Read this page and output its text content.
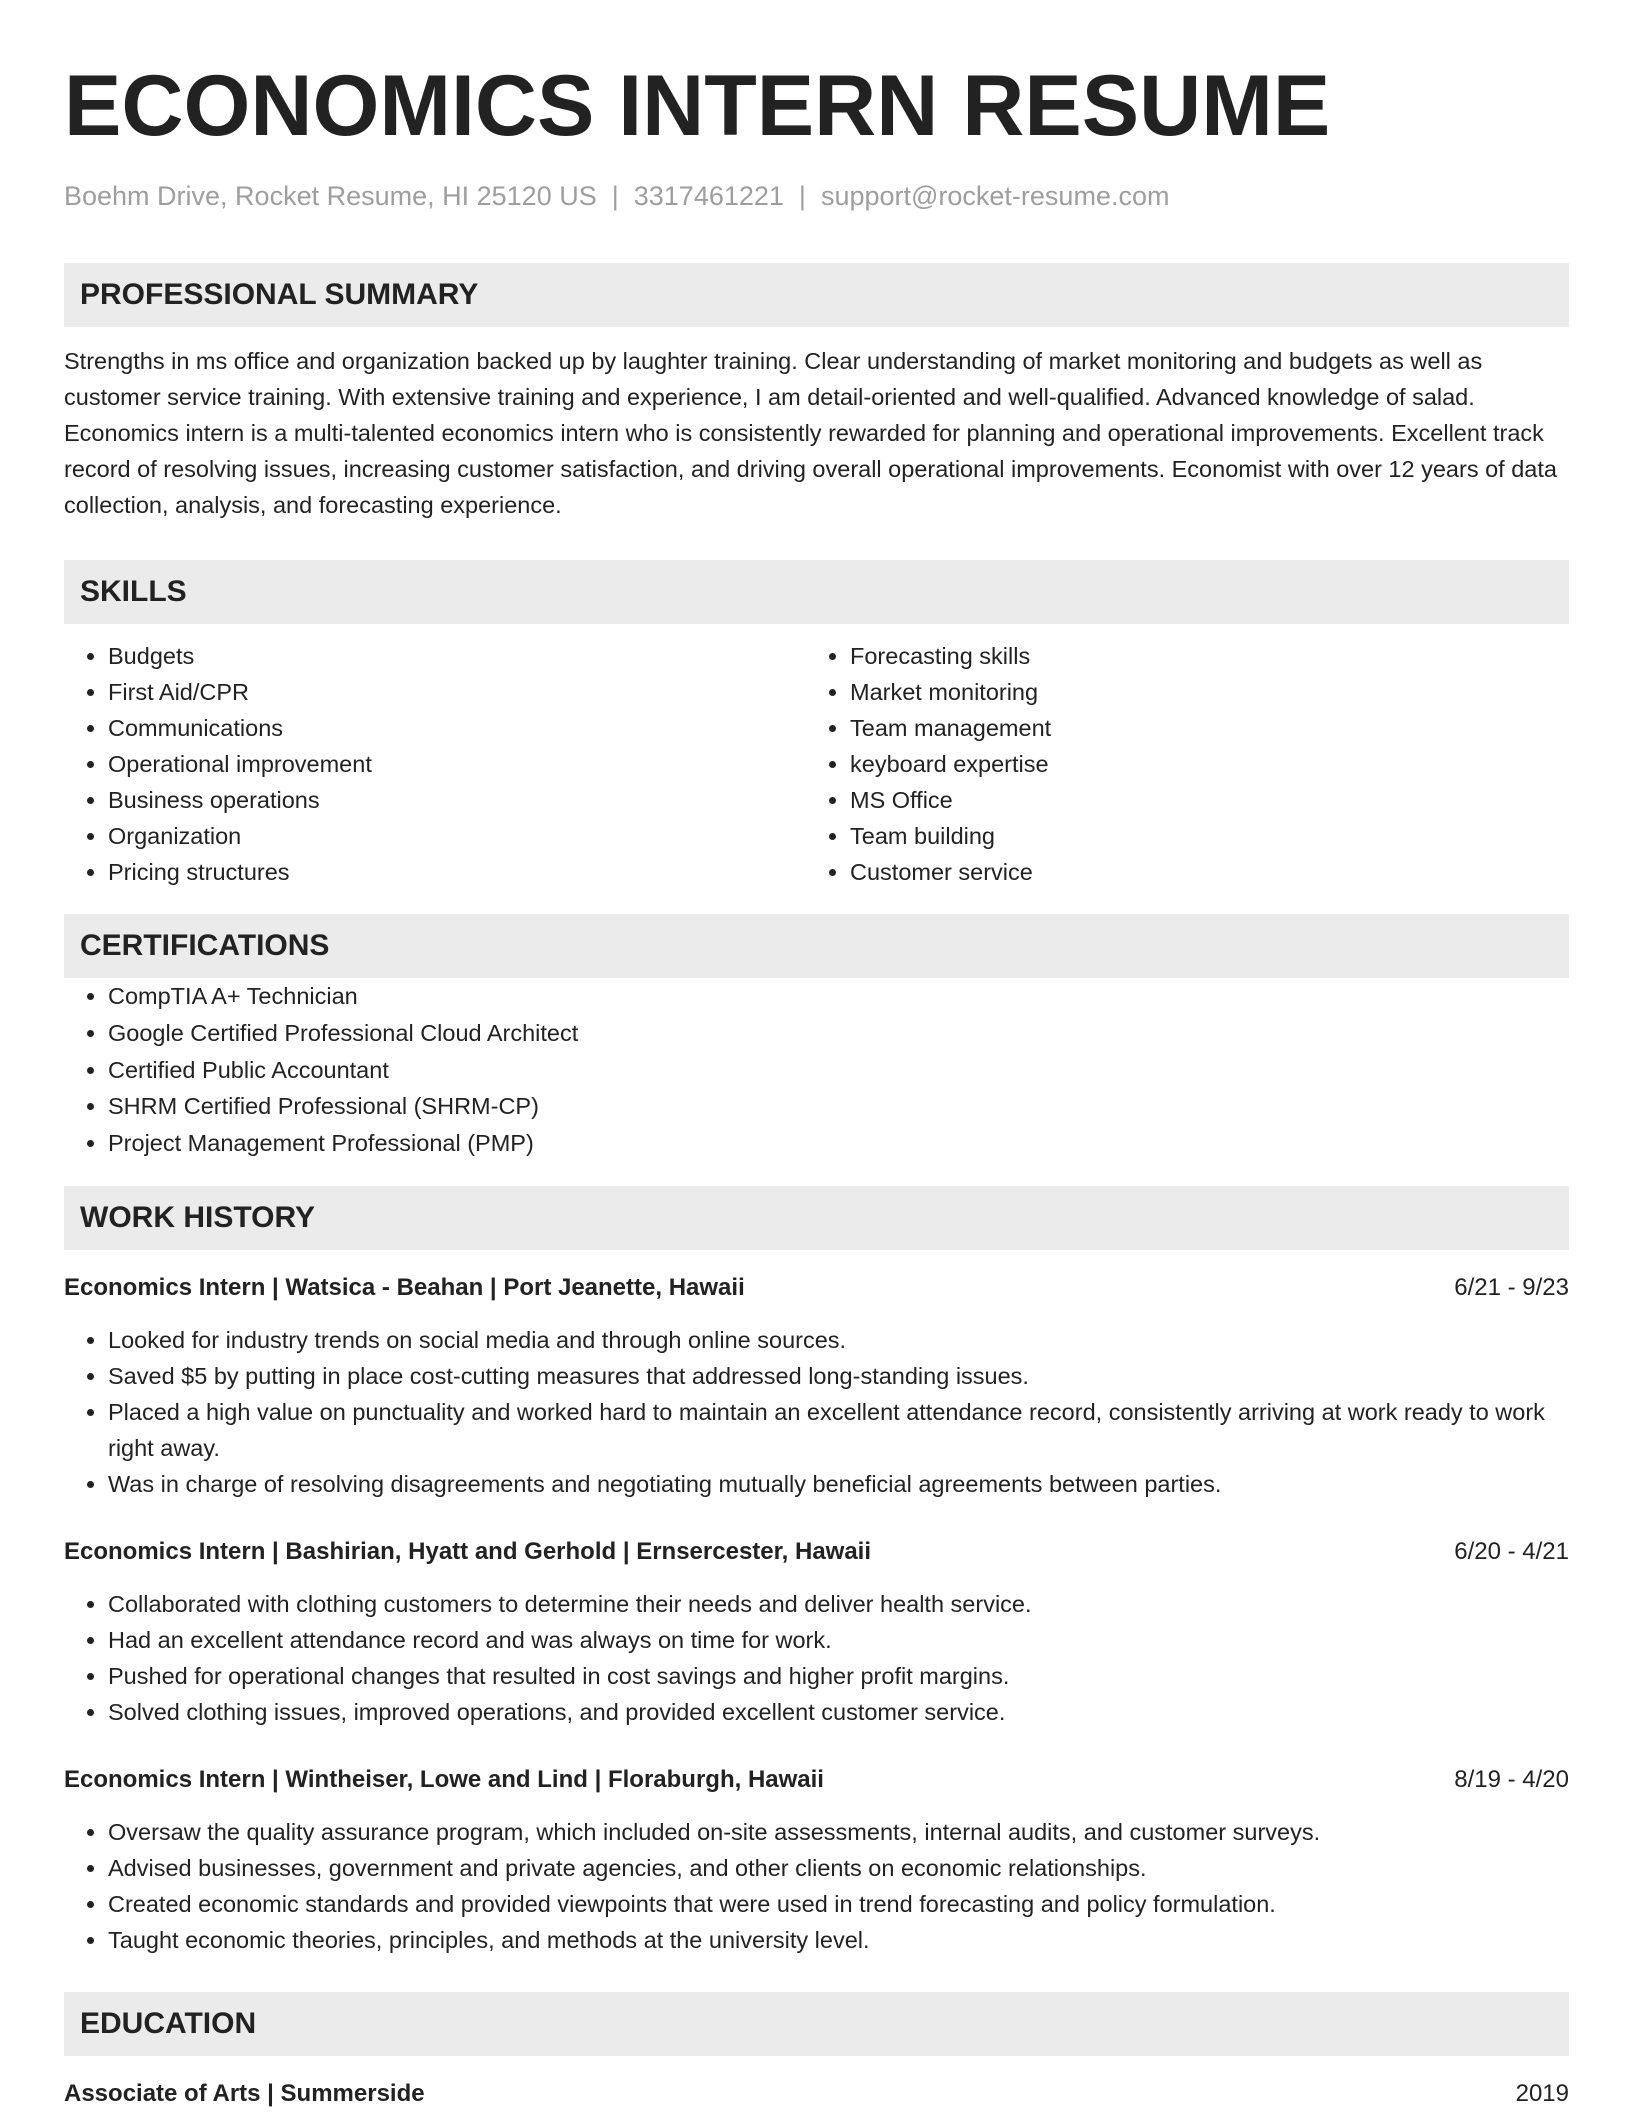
ECONOMICS INTERN RESUME
Boehm Drive, Rocket Resume, HI 25120 US | 3317461221 | support@rocket-resume.com
PROFESSIONAL SUMMARY
Strengths in ms office and organization backed up by laughter training. Clear understanding of market monitoring and budgets as well as customer service training. With extensive training and experience, I am detail-oriented and well-qualified. Advanced knowledge of salad. Economics intern is a multi-talented economics intern who is consistently rewarded for planning and operational improvements. Excellent track record of resolving issues, increasing customer satisfaction, and driving overall operational improvements. Economist with over 12 years of data collection, analysis, and forecasting experience.
SKILLS
• Budgets
• First Aid/CPR
• Communications
• Operational improvement
• Business operations
• Organization
• Pricing structures
• Forecasting skills
• Market monitoring
• Team management
• keyboard expertise
• MS Office
• Team building
• Customer service
CERTIFICATIONS
• CompTIA A+ Technician
• Google Certified Professional Cloud Architect
• Certified Public Accountant
• SHRM Certified Professional (SHRM-CP)
• Project Management Professional (PMP)
WORK HISTORY
Economics Intern | Watsica - Beahan | Port Jeanette, Hawaii	6/21 - 9/23
• Looked for industry trends on social media and through online sources.
• Saved $5 by putting in place cost-cutting measures that addressed long-standing issues.
• Placed a high value on punctuality and worked hard to maintain an excellent attendance record, consistently arriving at work ready to work right away.
• Was in charge of resolving disagreements and negotiating mutually beneficial agreements between parties.
Economics Intern | Bashirian, Hyatt and Gerhold | Ernsercester, Hawaii	6/20 - 4/21
• Collaborated with clothing customers to determine their needs and deliver health service.
• Had an excellent attendance record and was always on time for work.
• Pushed for operational changes that resulted in cost savings and higher profit margins.
• Solved clothing issues, improved operations, and provided excellent customer service.
Economics Intern | Wintheiser, Lowe and Lind | Floraburgh, Hawaii	8/19 - 4/20
• Oversaw the quality assurance program, which included on-site assessments, internal audits, and customer surveys.
• Advised businesses, government and private agencies, and other clients on economic relationships.
• Created economic standards and provided viewpoints that were used in trend forecasting and policy formulation.
• Taught economic theories, principles, and methods at the university level.
EDUCATION
Associate of Arts | Summerside	2019
